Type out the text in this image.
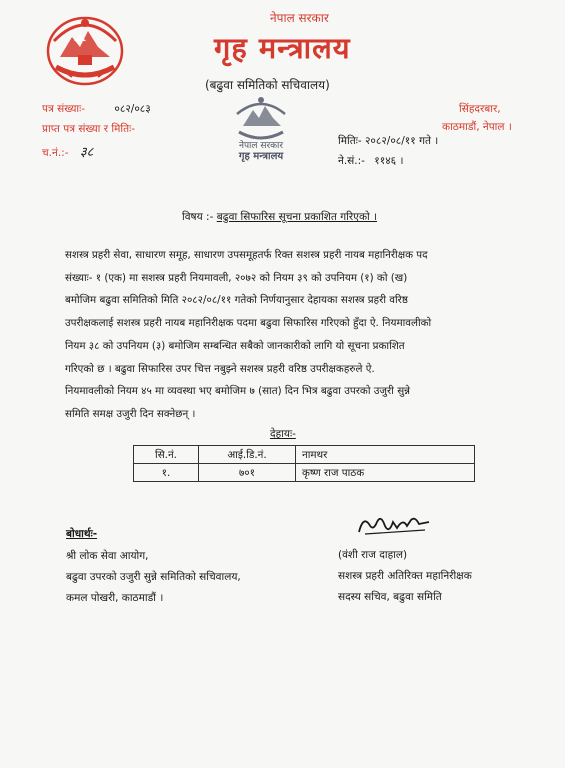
नेपाल सरकार
गृह मन्त्रालय
(बढुवा समितिको सचिवालय)
पत्र संख्याः-	०८२/०८३
प्राप्त पत्र संख्या र मितिः-
च.नं.:- ३८	नेपाल सरकार
गृह मन्त्रालय
सिंहदरबार,
काठमाडौं, नेपाल ।
मितिः- २०८२/०८/११ गते ।
ने.सं.:- ११४६ ।
विषय :- बढुवा सिफारिस सूचना प्रकाशित गरिएको ।
सशस्त्र प्रहरी सेवा, साधारण समूह, साधारण उपसमूहतर्फ रिक्त सशस्त्र प्रहरी नायब महानिरीक्षक पद
संख्याः- १ (एक) मा सशस्त्र प्रहरी नियमावली, २०७२ को नियम ३९ को उपनियम (१) को (ख)
बमोजिम बढुवा समितिको मिति २०८२/०८/११ गतेको निर्णयानुसार देहायका सशस्त्र प्रहरी वरिष्ठ
उपरीक्षकलाई सशस्त्र प्रहरी नायब महानिरीक्षक पदमा बढुवा सिफारिस गरिएको हुँदा ऐ. नियमावलीको
नियम ३८ को उपनियम (३) बमोजिम सम्बन्धित सबैको जानकारीको लागि यो सूचना प्रकाशित
गरिएको छ । बढुवा सिफारिस उपर चित्त नबुझ्ने सशस्त्र प्रहरी वरिष्ठ उपरीक्षकहरुले ऐ.
नियमावलीको नियम ४५ मा व्यवस्था भए बमोजिम ७ (सात) दिन भित्र बढुवा उपरको उजुरी सुन्ने
समिति समक्ष उजुरी दिन सक्नेछन् ।
देहायः-
सि.नं.	आई.डि.नं.	नामथर
१.	७०१	कृष्ण राज पाठक
बोधार्थः-
श्री लोक सेवा आयोग,
बढुवा उपरको उजुरी सुन्ने समितिको सचिवालय,
कमल पोखरी, काठमाडौं ।
(वंशी राज दाहाल)
सशस्त्र प्रहरी अतिरिक्त महानिरीक्षक
सदस्य सचिव, बढुवा समिति
